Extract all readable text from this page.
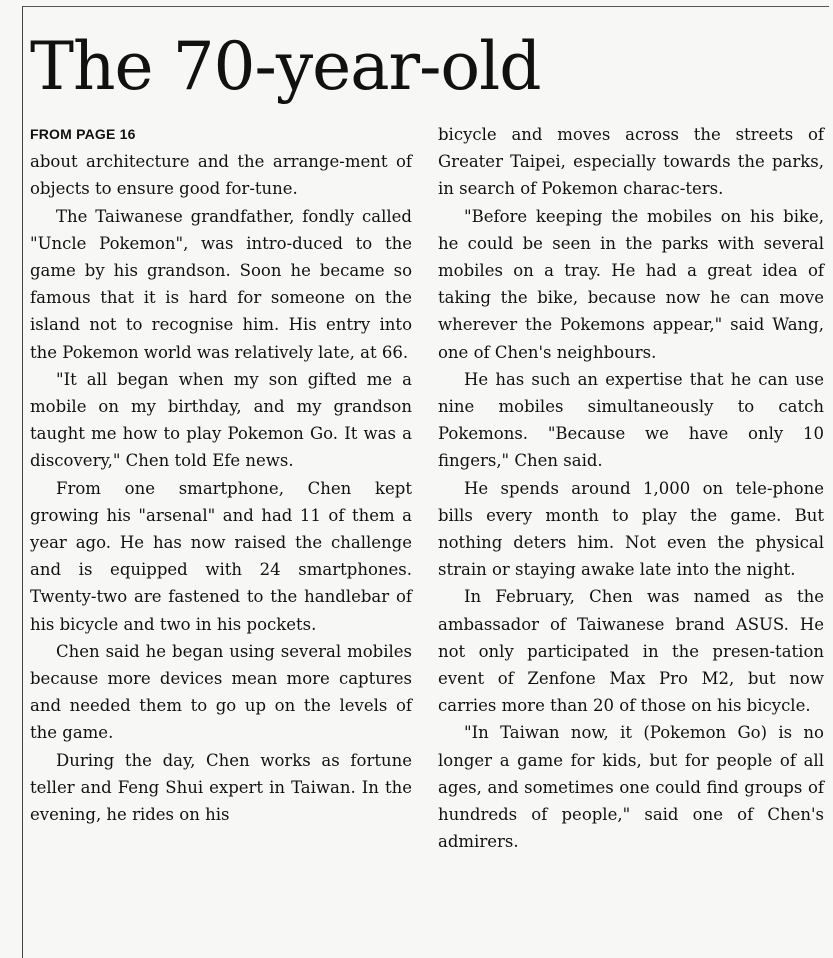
The 70-year-old
FROM PAGE 16

about architecture and the arrange-ment of objects to ensure good for-tune.

The Taiwanese grandfather, fondly called "Uncle Pokemon", was intro-duced to the game by his grandson. Soon he became so famous that it is hard for someone on the island not to recognise him. His entry into the Pokemon world was relatively late, at 66.

"It all began when my son gifted me a mobile on my birthday, and my grandson taught me how to play Pokemon Go. It was a discovery," Chen told Efe news.

From one smartphone, Chen kept growing his "arsenal" and had 11 of them a year ago. He has now raised the challenge and is equipped with 24 smartphones. Twenty-two are fastened to the handlebar of his bicycle and two in his pockets.

Chen said he began using several mobiles because more devices mean more captures and needed them to go up on the levels of the game.

During the day, Chen works as fortune teller and Feng Shui expert in Taiwan. In the evening, he rides on his

bicycle and moves across the streets of Greater Taipei, especially towards the parks, in search of Pokemon charac-ters.

"Before keeping the mobiles on his bike, he could be seen in the parks with several mobiles on a tray. He had a great idea of taking the bike, because now he can move wherever the Pokemons appear," said Wang, one of Chen's neighbours.

He has such an expertise that he can use nine mobiles simultaneously to catch Pokemons. "Because we have only 10 fingers," Chen said.

He spends around 1,000 on tele-phone bills every month to play the game. But nothing deters him. Not even the physical strain or staying awake late into the night.

In February, Chen was named as the ambassador of Taiwanese brand ASUS. He not only participated in the presen-tation event of Zenfone Max Pro M2, but now carries more than 20 of those on his bicycle.

"In Taiwan now, it (Pokemon Go) is no longer a game for kids, but for people of all ages, and sometimes one could find groups of hundreds of people," said one of Chen's admirers.
